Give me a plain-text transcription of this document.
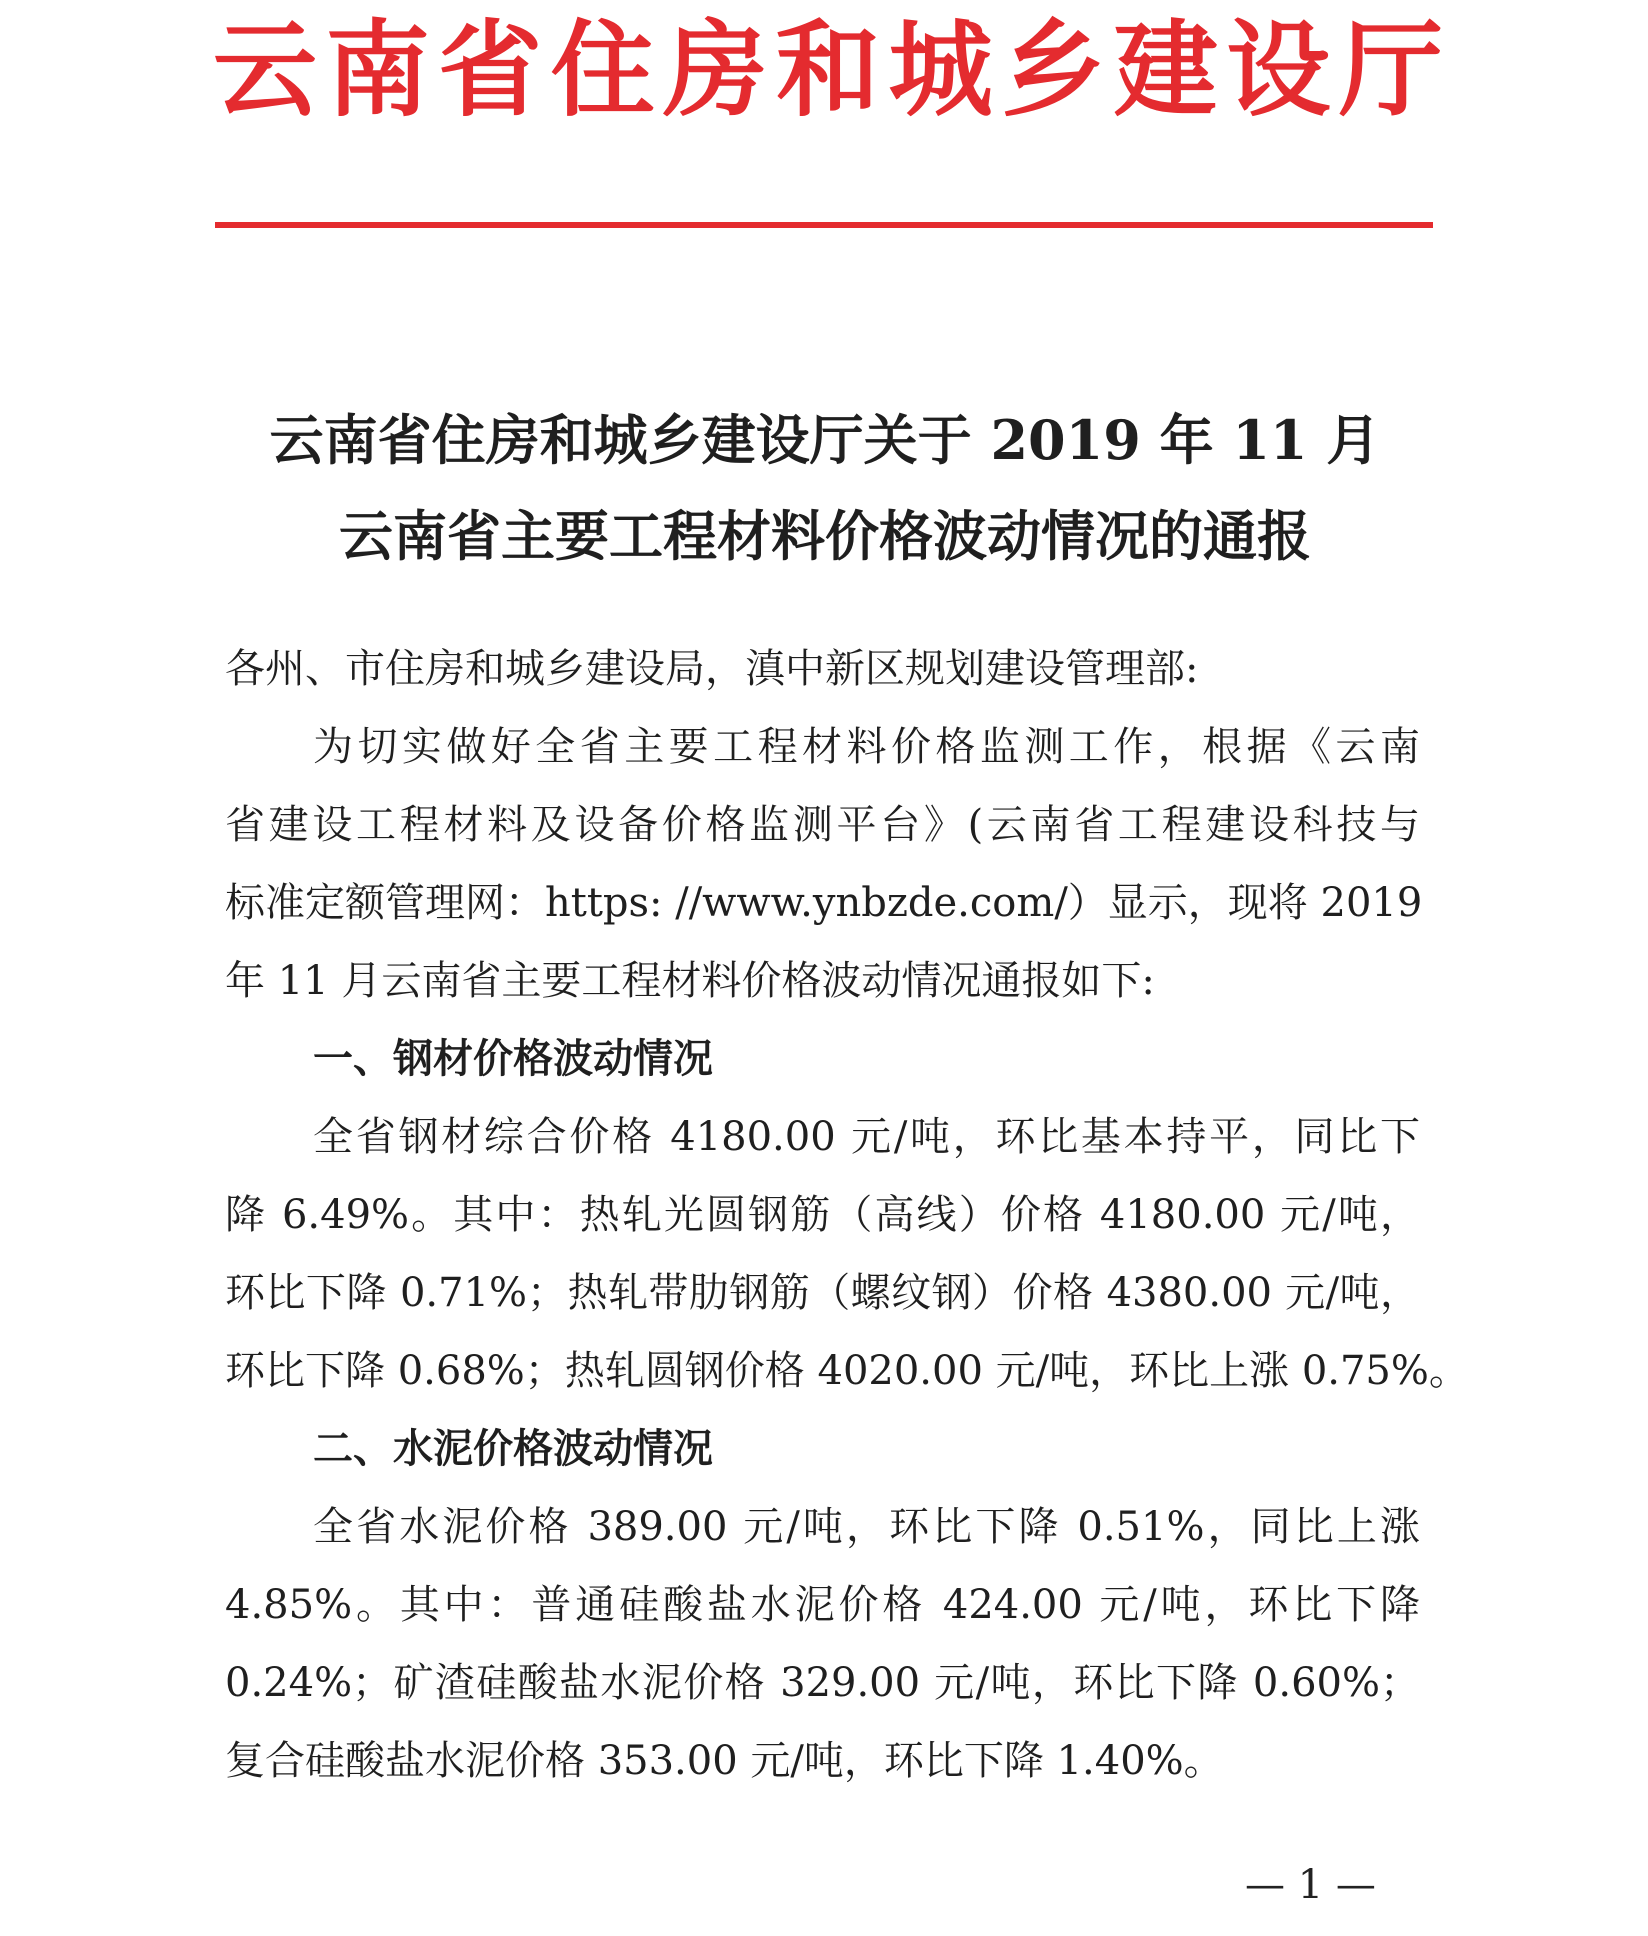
云 南 省 住 房 和 城 乡 建 设 厅
云南省住房和城乡建设厅关于 2019 年 11 月
云南省主要工程材料价格波动情况的通报
各州、市住房和城乡建设局，滇中新区规划建设管理部:
为切实做好全省主要工程材料价格监测工作，根据《云南
省建设工程材料及设备价格监测平台》(云南省工程建设科技与
标准定额管理网：https: //www.ynbzde.com/）显示，现将 2019
年 11 月云南省主要工程材料价格波动情况通报如下:
一、钢材价格波动情况
全省钢材综合价格 4180.00 元/吨，环比基本持平，同比下
降 6.49%。其中：热轧光圆钢筋（高线）价格 4180.00 元/吨，
环比下降 0.71%；热轧带肋钢筋（螺纹钢）价格 4380.00 元/吨，
环比下降 0.68%；热轧圆钢价格 4020.00 元/吨，环比上涨 0.75%。
二、水泥价格波动情况
全省水泥价格 389.00 元/吨，环比下降 0.51%，同比上涨
4.85%。其中：普通硅酸盐水泥价格 424.00 元/吨，环比下降
0.24%；矿渣硅酸盐水泥价格 329.00 元/吨，环比下降 0.60%；
复合硅酸盐水泥价格 353.00 元/吨，环比下降 1.40%。
— 1 —
